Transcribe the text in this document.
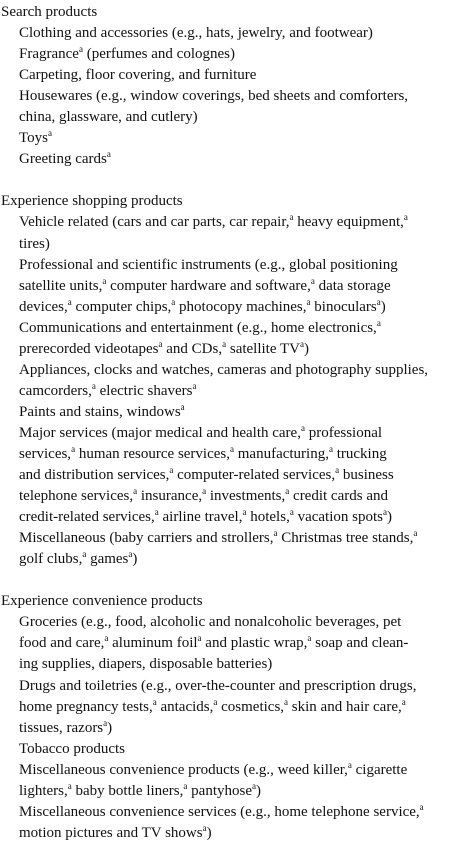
Search products
Clothing and accessories (e.g., hats, jewelry, and footwear)
Fragrance$^a$ (perfumes and colognes)
Carpeting, floor covering, and furniture
Housewares (e.g., window coverings, bed sheets and comforters,
china, glassware, and cutlery)
Toys$^a$
Greeting cards$^a$
Experience shopping products
Vehicle related (cars and car parts, car repair,$^a$ heavy equipment,$^a$
tires)
Professional and scientific instruments (e.g., global positioning
satellite units,$^a$ computer hardware and software,$^a$ data storage
devices,$^a$ computer chips,$^a$ photocopy machines,$^a$ binoculars$^a$)
Communications and entertainment (e.g., home electronics,$^a$
prerecorded videotapes$^a$ and CDs,$^a$ satellite $TV^a$)
Appliances, clocks and watches, cameras and photography supplies,
camcorders,$^a$ electric shavers$^a$
Paints and stains, windows$^a$
Major services (major medical and health care,$^a$ professional
services,$^a$ human resource services,$^a$ manufacturing,$^a$ trucking
and distribution services,$^a$ computer-related services,$^a$ business
telephone services,$^a$ insurance,$^a$ investments,$^a$ credit cards and
credit-related services,$^a$ airline travel,$^a$ hotels,$^a$ vacation spots$^a$)
Miscellaneous (baby carriers and strollers,$^a$ Christmas tree stands,$^a$
golf clubs,$^a$ games$^a$)
Experience convenience products
Groceries (e.g., food, alcoholic and nonalcoholic beverages, pet
food and care,$^a$ aluminum foil$^a$ and plastic wrap,$^a$ soap and clean-
ing supplies, diapers, disposable batteries)
Drugs and toiletries (e.g., over-the-counter and prescription drugs,
home pregnancy tests,$^a$ antacids,$^a$ cosmetics,$^a$ skin and hair care,$^a$
tissues, razors$^a$)
Tobacco products
Miscellaneous convenience products (e.g., weed killer,$^a$ cigarette
lighters,$^a$ baby bottle liners,$^a$ pantyhose$^a$)
Miscellaneous convenience services (e.g., home telephone service,$^a$
motion pictures and TV shows$^a$)
